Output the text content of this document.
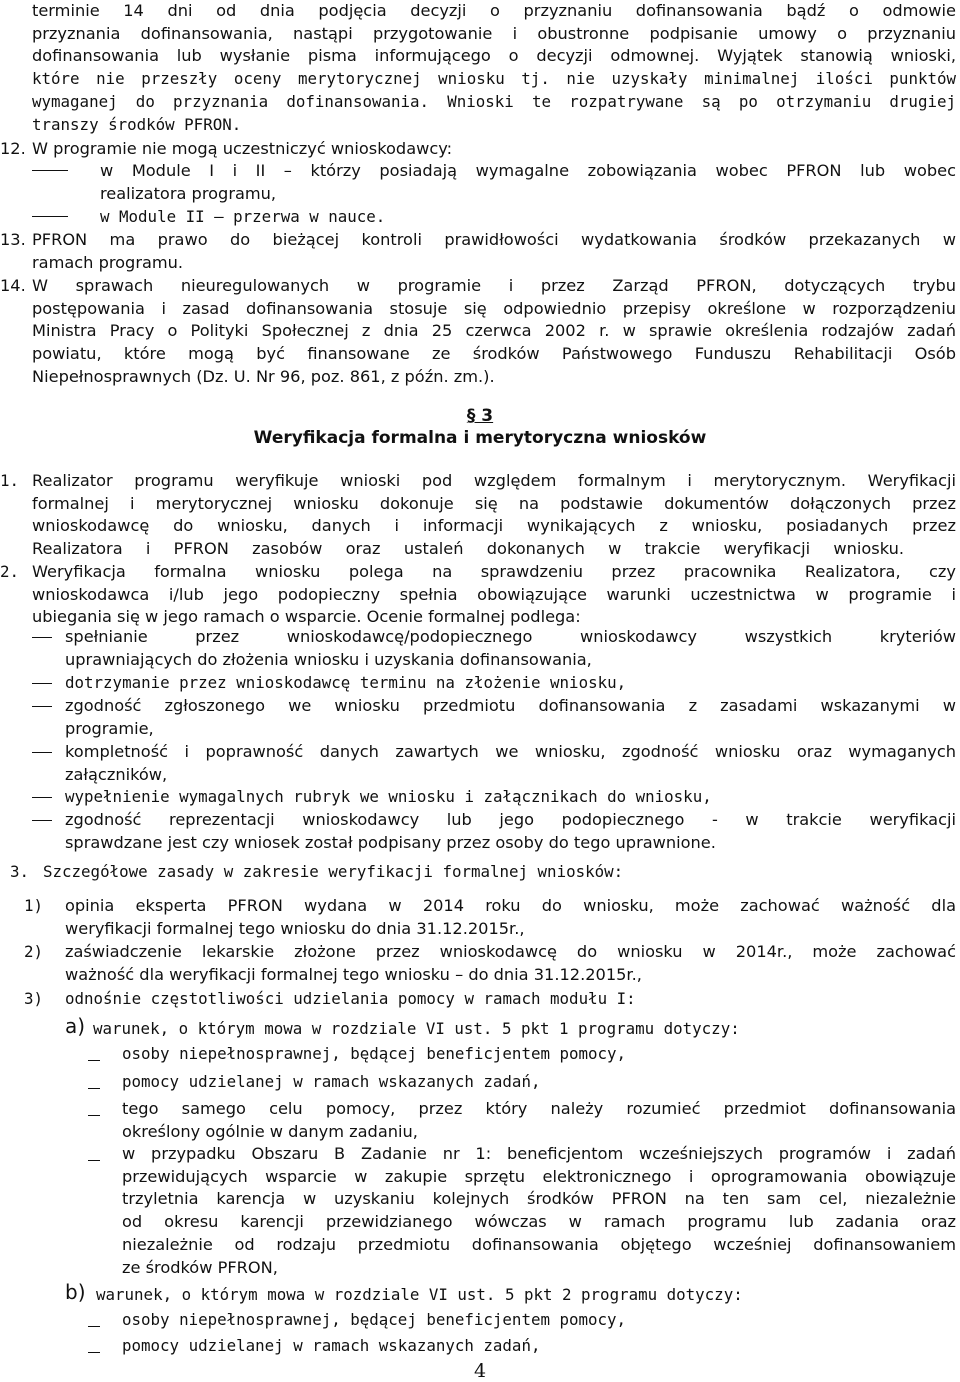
terminie 14 dni od dnia podjęcia decyzji o przyznaniu dofinansowania bądź o odmowie
przyznania dofinansowania, nastąpi przygotowanie i obustronne podpisanie umowy o przyznaniu
dofinansowania lub wysłanie pisma informującego o decyzji odmownej. Wyjątek stanowią wnioski,
które nie przeszły oceny merytorycznej wniosku tj. nie uzyskały minimalnej ilości punktów
wymaganej do przyznania dofinansowania. Wnioski te rozpatrywane są po otrzymaniu drugiej
transzy środków PFRON.
12. W programie nie mogą uczestniczyć wnioskodawcy:
w Module I i II – którzy posiadają wymagalne zobowiązania wobec PFRON lub wobec
realizatora programu,
w Module II – przerwa w nauce.
13. PFRON ma prawo do bieżącej kontroli prawidłowości wydatkowania środków przekazanych w
ramach programu.
14. W sprawach nieuregulowanych w programie i przez Zarząd PFRON, dotyczących trybu
postępowania i zasad dofinansowania stosuje się odpowiednio przepisy określone w rozporządzeniu
Ministra Pracy o Polityki Społecznej z dnia 25 czerwca 2002 r. w sprawie określenia rodzajów zadań
powiatu, które mogą być finansowane ze środków Państwowego Funduszu Rehabilitacji Osób
Niepełnosprawnych (Dz. U. Nr 96, poz. 861, z późn. zm.).
§ 3
Weryfikacja formalna i merytoryczna wniosków
1. Realizator programu weryfikuje wnioski pod względem formalnym i merytorycznym. Weryfikacji
formalnej i merytorycznej wniosku dokonuje się na podstawie dokumentów dołączonych przez
wnioskodawcę do wniosku, danych i informacji wynikających z wniosku, posiadanych przez
Realizatora i PFRON zasobów oraz ustaleń dokonanych w trakcie weryfikacji wniosku.
2. Weryfikacja formalna wniosku polega na sprawdzeniu przez pracownika Realizatora, czy
wnioskodawca i/lub jego podopieczny spełnia obowiązujące warunki uczestnictwa w programie i
ubiegania się w jego ramach o wsparcie. Ocenie formalnej podlega:
spełnianie przez wnioskodawcę/podopiecznego wnioskodawcy wszystkich kryteriów
uprawniających do złożenia wniosku i uzyskania dofinansowania,
dotrzymanie przez wnioskodawcę terminu na złożenie wniosku,
zgodność zgłoszonego we wniosku przedmiotu dofinansowania z zasadami wskazanymi w
programie,
kompletność i poprawność danych zawartych we wniosku, zgodność wniosku oraz wymaganych
załączników,
wypełnienie wymagalnych rubryk we wniosku i załącznikach do wniosku,
zgodność reprezentacji wnioskodawcy lub jego podopiecznego - w trakcie weryfikacji
sprawdzane jest czy wniosek został podpisany przez osoby do tego uprawnione.
3. Szczegółowe zasady w zakresie weryfikacji formalnej wniosków:
1) opinia eksperta PFRON wydana w 2014 roku do wniosku, może zachować ważność dla
weryfikacji formalnej tego wniosku do dnia 31.12.2015r.,
2) zaświadczenie lekarskie złożone przez wnioskodawcę do wniosku w 2014r., może zachować
ważność dla weryfikacji formalnej tego wniosku – do dnia 31.12.2015r.,
3) odnośnie częstotliwości udzielania pomocy w ramach modułu I:
a) warunek, o którym mowa w rozdziale VI ust. 5 pkt 1 programu dotyczy:
osoby niepełnosprawnej, będącej beneficjentem pomocy,
pomocy udzielanej w ramach wskazanych zadań,
tego samego celu pomocy, przez który należy rozumieć przedmiot dofinansowania
określony ogólnie w danym zadaniu,
w przypadku Obszaru B Zadanie nr 1: beneficjentom wcześniejszych programów i zadań
przewidujących wsparcie w zakupie sprzętu elektronicznego i oprogramowania obowiązuje
trzyletnia karencja w uzyskaniu kolejnych środków PFRON na ten sam cel, niezależnie
od okresu karencji przewidzianego wówczas w ramach programu lub zadania oraz
niezależnie od rodzaju przedmiotu dofinansowania objętego wcześniej dofinansowaniem
ze środków PFRON,
b) warunek, o którym mowa w rozdziale VI ust. 5 pkt 2 programu dotyczy:
osoby niepełnosprawnej, będącej beneficjentem pomocy,
pomocy udzielanej w ramach wskazanych zadań,
4
